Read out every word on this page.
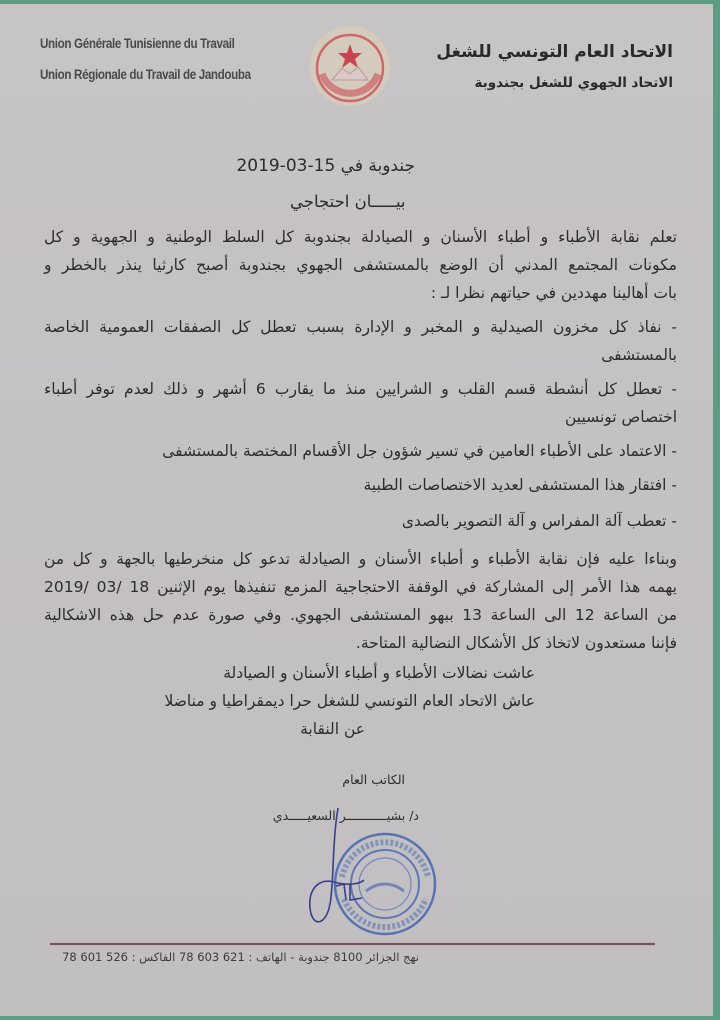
Union Générale Tunisienne du Travail
Union Régionale du Travail de Jandouba
الاتحاد العام التونسي للشغل
الاتحاد الجهوي للشغل بجندوبة
جندوبة في 15-03-2019
بيـــــان احتجاجي
تعلم نقابة الأطباء و أطباء الأسنان و الصيادلة بجندوبة كل السلط الوطنية و الجهوية و كل
مكونات المجتمع المدني أن الوضع بالمستشفى الجهوي بجندوبة أصبح كارثيا ينذر بالخطر و
بات أهالينا مهددين في حياتهم نظرا لـ :
- نفاذ كل مخزون الصيدلية و المخبر و الإدارة بسبب تعطل كل الصفقات العمومية الخاصة
بالمستشفى
- تعطل كل أنشطة قسم القلب و الشرايين منذ ما يقارب 6 أشهر و ذلك لعدم توفر أطباء
اختصاص تونسيين
- الاعتماد على الأطباء العامين في تسير شؤون جل الأقسام المختصة بالمستشفى
- افتقار هذا المستشفى لعديد الاختصاصات الطبية
- تعطب آلة المفراس و آلة التصوير بالصدى
وبناءا عليه فإن نقابة الأطباء و أطباء الأسنان و الصيادلة تدعو كل منخرطيها بالجهة و كل من
يهمه هذا الأمر إلى المشاركة في الوقفة الاحتجاجية المزمع تنفيذها يوم الإثنين 18 /03 /2019
من الساعة 12 الى الساعة 13 ببهو المستشفى الجهوي. وفي صورة عدم حل هذه الاشكالية
فإننا مستعدون لاتخاذ كل الأشكال النضالية المتاحة.
عاشت نضالات الأطباء و أطباء الأسنان و الصيادلة
عاش الاتحاد العام التونسي للشغل حرا ديمقراطيا و مناضلا
عن النقابة
الكاتب العام
د/ بشيـــــــــــر السعيـــــدي
نهج الجزائر 8100 جندوبة - الهاتف : 621 603 78 الفاكس : 526 601 78
